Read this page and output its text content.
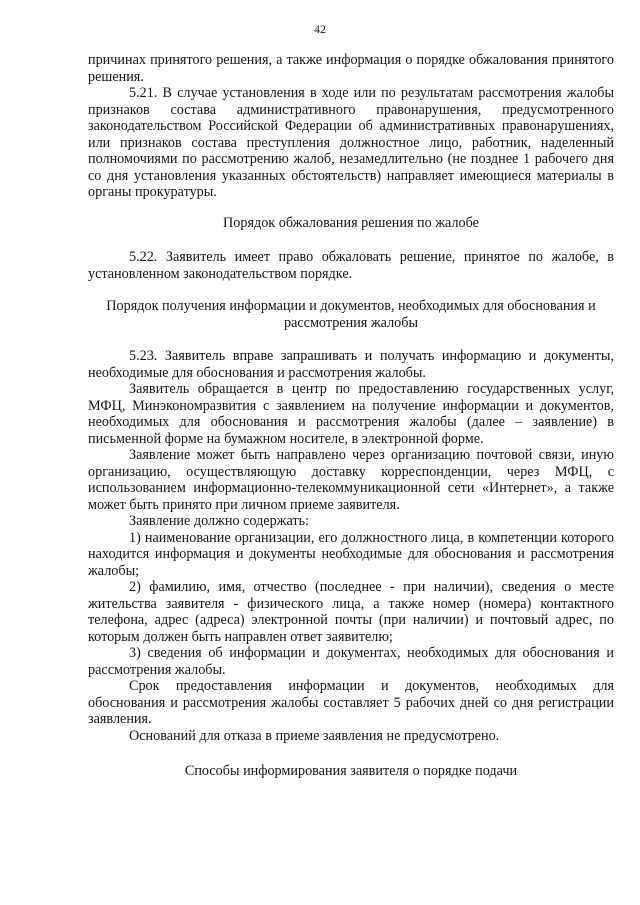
42

причинах принятого решения, а также информация о порядке обжалования принятого решения.

5.21. В случае установления в ходе или по результатам рассмотрения жалобы признаков состава административного правонарушения, предусмотренного законодательством Российской Федерации об административных правонарушениях, или признаков состава преступления должностное лицо, работник, наделенный полномочиями по рассмотрению жалоб, незамедлительно (не позднее 1 рабочего дня со дня установления указанных обстоятельств) направляет имеющиеся материалы в органы прокуратуры.

Порядок обжалования решения по жалобе

5.22. Заявитель имеет право обжаловать решение, принятое по жалобе, в установленном законодательством порядке.

Порядок получения информации и документов, необходимых для обоснования и рассмотрения жалобы

5.23. Заявитель вправе запрашивать и получать информацию и документы, необходимые для обоснования и рассмотрения жалобы.

Заявитель обращается в центр по предоставлению государственных услуг, МФЦ, Минэкономразвития с заявлением на получение информации и документов, необходимых для обоснования и рассмотрения жалобы (далее – заявление) в письменной форме на бумажном носителе, в электронной форме.

Заявление может быть направлено через организацию почтовой связи, иную организацию, осуществляющую доставку корреспонденции, через МФЦ, с использованием информационно-телекоммуникационной сети «Интернет», а также может быть принято при личном приеме заявителя.

Заявление должно содержать:

1) наименование организации, его должностного лица, в компетенции которого находится информация и документы необходимые для обоснования и рассмотрения жалобы;

2) фамилию, имя, отчество (последнее - при наличии), сведения о месте жительства заявителя - физического лица, а также номер (номера) контактного телефона, адрес (адреса) электронной почты (при наличии) и почтовый адрес, по которым должен быть направлен ответ заявителю;

3) сведения об информации и документах, необходимых для обоснования и рассмотрения жалобы.

Срок предоставления информации и документов, необходимых для обоснования и рассмотрения жалобы составляет 5 рабочих дней со дня регистрации заявления.

Оснований для отказа в приеме заявления не предусмотрено.

Способы информирования заявителя о порядке подачи
